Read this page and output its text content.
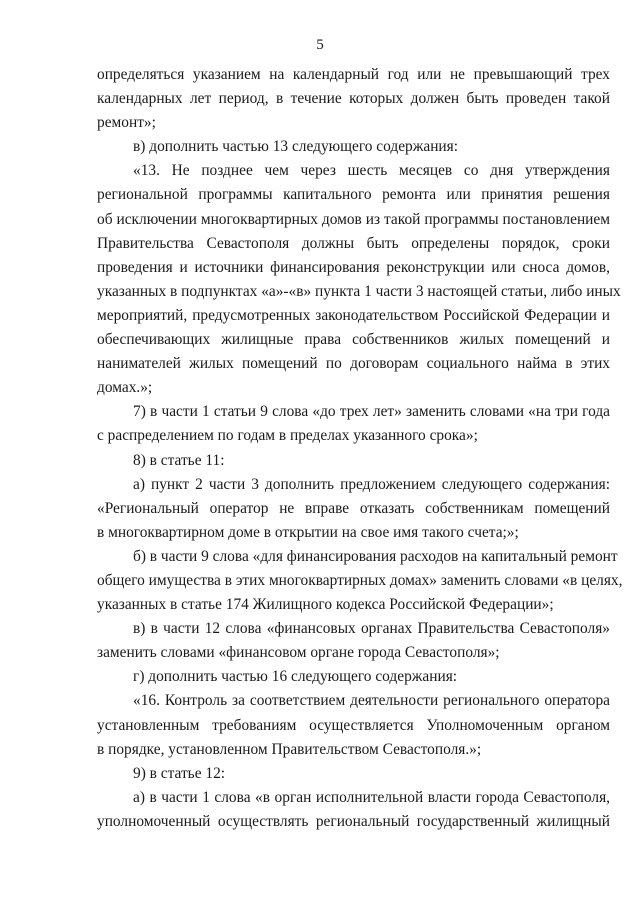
5
определяться указанием на календарный год или не превышающий трех
календарных лет период, в течение которых должен быть проведен такой
ремонт»;
в) дополнить частью 13 следующего содержания:
«13. Не позднее чем через шесть месяцев со дня утверждения
региональной программы капитального ремонта или принятия решения
об исключении многоквартирных домов из такой программы постановлением
Правительства Севастополя должны быть определены порядок, сроки
проведения и источники финансирования реконструкции или сноса домов,
указанных в подпунктах «а»-«в» пункта 1 части 3 настоящей статьи, либо иных
мероприятий, предусмотренных законодательством Российской Федерации и
обеспечивающих жилищные права собственников жилых помещений и
нанимателей жилых помещений по договорам социального найма в этих
домах.»;
7) в части 1 статьи 9 слова «до трех лет» заменить словами «на три года
с распределением по годам в пределах указанного срока»;
8) в статье 11:
а) пункт 2 части 3 дополнить предложением следующего содержания:
«Региональный оператор не вправе отказать собственникам помещений
в многоквартирном доме в открытии на свое имя такого счета;»;
б) в части 9 слова «для финансирования расходов на капитальный ремонт
общего имущества в этих многоквартирных домах» заменить словами «в целях,
указанных в статье 174 Жилищного кодекса Российской Федерации»;
в) в части 12 слова «финансовых органах Правительства Севастополя»
заменить словами «финансовом органе города Севастополя»;
г) дополнить частью 16 следующего содержания:
«16. Контроль за соответствием деятельности регионального оператора
установленным требованиям осуществляется Уполномоченным органом
в порядке, установленном Правительством Севастополя.»;
9) в статье 12:
а) в части 1 слова «в орган исполнительной власти города Севастополя,
уполномоченный осуществлять региональный государственный жилищный
